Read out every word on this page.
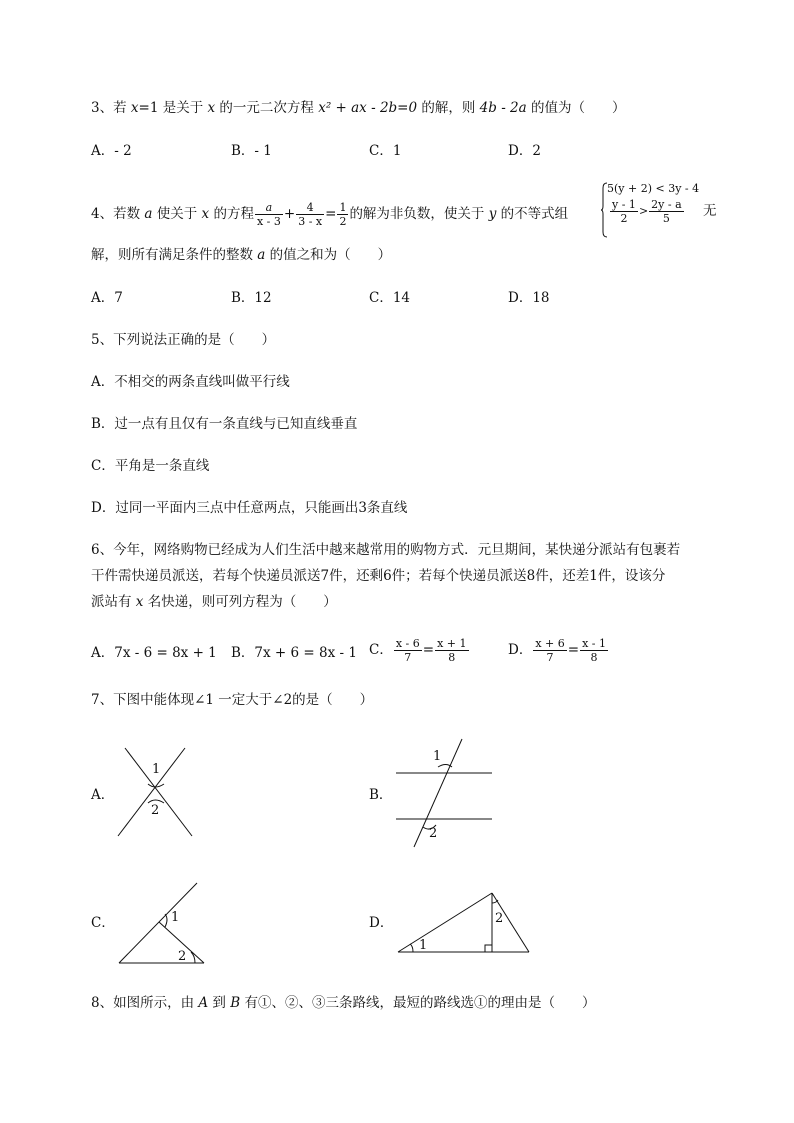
3、若 x=1 是关于 x 的一元二次方程 x² + ax - 2b=0 的解，则 4b - 2a 的值为（　　）
A．- 2	B．- 1	C．1	D．2
4、若数 a 使关于 x 的方程 $\frac{a}{x - 3} + \frac{4}{3 - x} = \frac{1}{2}$ 的解为非负数，使关于 y 的不等式组
5(y + 2) < 3y - 4
$\frac{y - 1}{2} > \frac{2y - a}{5}$ 无
解，则所有满足条件的整数 a 的值之和为（　　）
A．7	B．12	C．14	D．18
5、下列说法正确的是（　　）
A．不相交的两条直线叫做平行线
B．过一点有且仅有一条直线与已知直线垂直
C．平角是一条直线
D．过同一平面内三点中任意两点，只能画出3条直线
6、今年，网络购物已经成为人们生活中越来越常用的购物方式．元旦期间，某快递分派站有包裹若
干件需快递员派送，若每个快递员派送7件，还剩6件；若每个快递员派送8件，还差1件，设该分
派站有 x 名快递，则可列方程为（　　）
A．7x - 6 = 8x + 1 B．7x + 6 = 8x - 1 C． $\frac{x - 6}{7} = \frac{x + 1}{8}$	D． $\frac{x + 6}{7} = \frac{x - 1}{8}$
7、下图中能体现∠1 一定大于∠2的是（　　）
A．
1
2
B．
1
2
C．	1
2
D．
1
2
8、如图所示，由 A 到 B 有①、②、③三条路线，最短的路线选①的理由是（　　）
